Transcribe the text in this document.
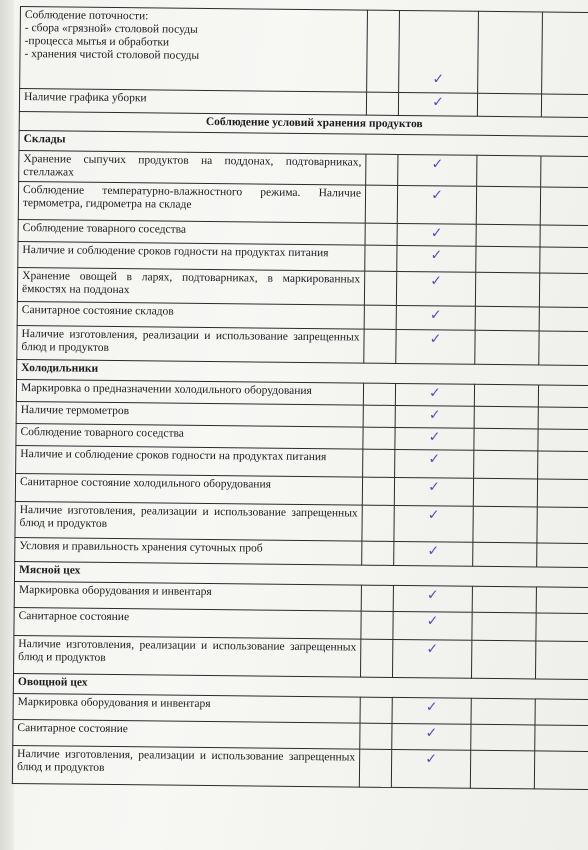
Соблюдение поточности:
- сбора «грязной» столовой посуды
-процесса мытья и обработки
- хранения чистой столовой посуды		✓		
Наличие графика уборки		✓		
Соблюдение условий хранения продуктов				
Склады				
Хранение сыпучих продуктов на поддонах, подтоварниках, стеллажах		✓		
Соблюдение температурно-влажностного режима. Наличие термометра, гидрометра на складе		✓		
Соблюдение товарного соседства		✓		
Наличие и соблюдение сроков годности на продуктах питания		✓		
Хранение овощей в ларях, подтоварниках, в маркированных ёмкостях на поддонах		✓		
Санитарное состояние складов		✓		
Наличие изготовления, реализации и использование запрещенных блюд и продуктов		✓		
Холодильники				
Маркировка о предназначении холодильного оборудования		✓		
Наличие термометров		✓		
Соблюдение товарного соседства		✓		
Наличие и соблюдение сроков годности на продуктах питания		✓		
Санитарное состояние холодильного оборудования		✓		
Наличие изготовления, реализации и использование запрещенных блюд и продуктов		✓		
Условия и правильность хранения суточных проб		✓		
Мясной цех				
Маркировка оборудования и инвентаря		✓		
Санитарное состояние		✓		
Наличие изготовления, реализации и использование запрещенных блюд и продуктов		✓		
Овощной цех				
Маркировка оборудования и инвентаря		✓		
Санитарное состояние		✓		
Наличие изготовления, реализации и использование запрещенных блюд и продуктов		✓		
